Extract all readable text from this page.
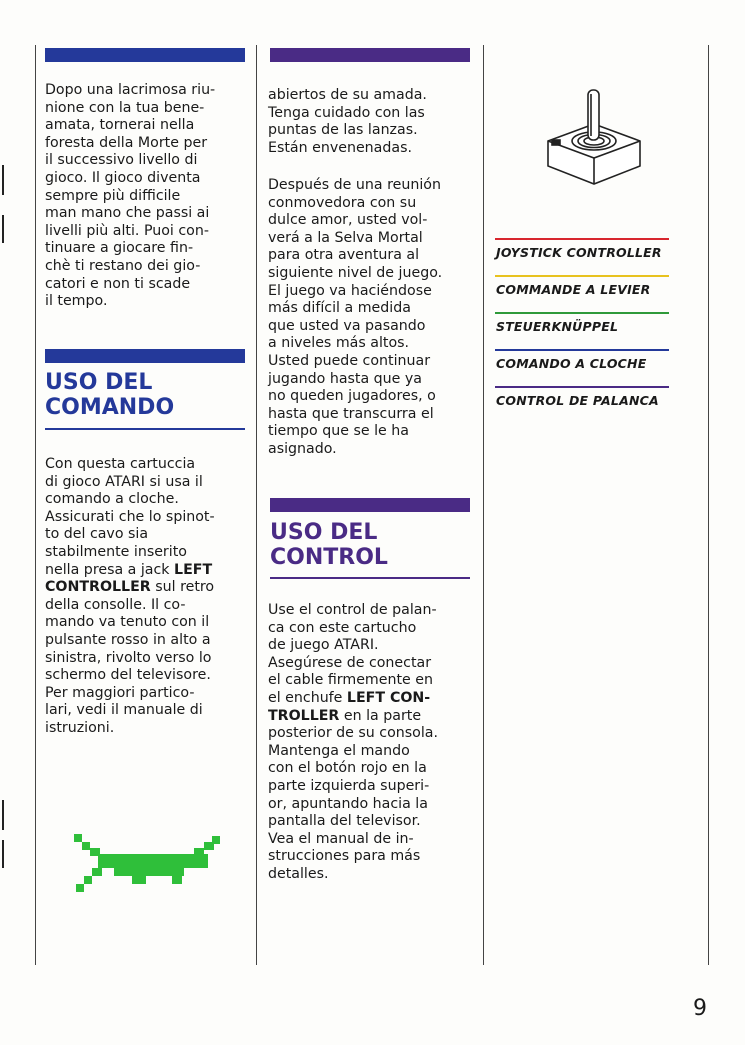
Dopo una lacrimosa riu-
nione con la tua bene-
amata, tornerai nella
foresta della Morte per
il successivo livello di
gioco. Il gioco diventa
sempre più difficile
man mano che passi ai
livelli più alti. Puoi con-
tinuare a giocare fin-
chè ti restano dei gio-
catori e non ti scade
il tempo.

USO DEL
COMANDO

Con questa cartuccia
di gioco ATARI si usa il
comando a cloche.
Assicurati che lo spinot-
to del cavo sia
stabilmente inserito
nella presa a jack LEFT
CONTROLLER sul retro
della consolle. Il co-
mando va tenuto con il
pulsante rosso in alto a
sinistra, rivolto verso lo
schermo del televisore.
Per maggiori partico-
lari, vedi il manuale di
istruzioni.

abiertos de su amada.
Tenga cuidado con las
puntas de las lanzas.
Están envenenadas.

Después de una reunión
conmovedora con su
dulce amor, usted vol-
verá a la Selva Mortal
para otra aventura al
siguiente nivel de juego.
El juego va haciéndose
más difícil a medida
que usted va pasando
a niveles más altos.
Usted puede continuar
jugando hasta que ya
no queden jugadores, o
hasta que transcurra el
tiempo que se le ha
asignado.

USO DEL
CONTROL

Use el control de palan-
ca con este cartucho
de juego ATARI.
Asegúrese de conectar
el cable firmemente en
el enchufe LEFT CON-
TROLLER en la parte
posterior de su consola.
Mantenga el mando
con el botón rojo en la
parte izquierda superi-
or, apuntando hacia la
pantalla del televisor.
Vea el manual de in-
strucciones para más
detalles.

JOYSTICK CONTROLLER

COMMANDE A LEVIER

STEUERKNÜPPEL

COMANDO A CLOCHE

CONTROL DE PALANCA

9
